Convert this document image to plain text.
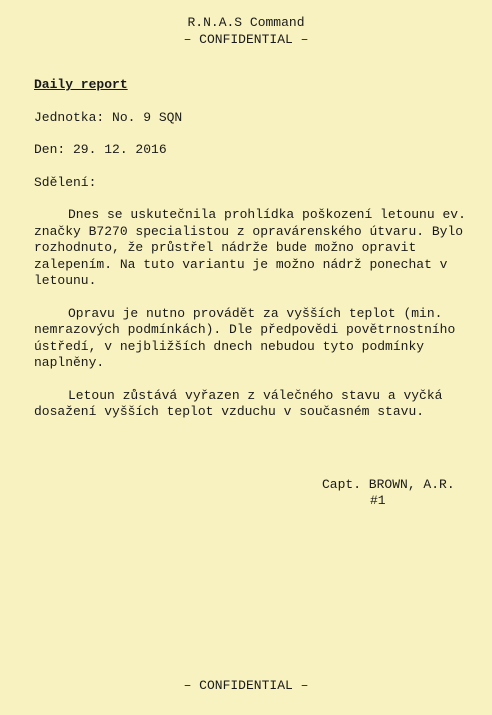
R.N.A.S Command
– CONFIDENTIAL –
Daily report
Jednotka: No. 9 SQN
Den: 29. 12. 2016
Sdělení:

Dnes se uskutečnila prohlídka poškození letounu ev. značky B7270 specialistou z opravárenského útvaru. Bylo rozhodnuto, že průstřel nádrže bude možno opravit zalepením. Na tuto variantu je možno nádrž ponechat v letounu.

Opravu je nutno provádět za vyšších teplot (min. nemrazových podmínkách). Dle předpovědi povětrnostního ústředí, v nejbližších dnech nebudou tyto podmínky naplněny.

Letoun zůstává vyřazen z válečného stavu a vyčká dosažení vyšších teplot vzduchu v současném stavu.

Capt. BROWN, A.R.
#1
– CONFIDENTIAL –
